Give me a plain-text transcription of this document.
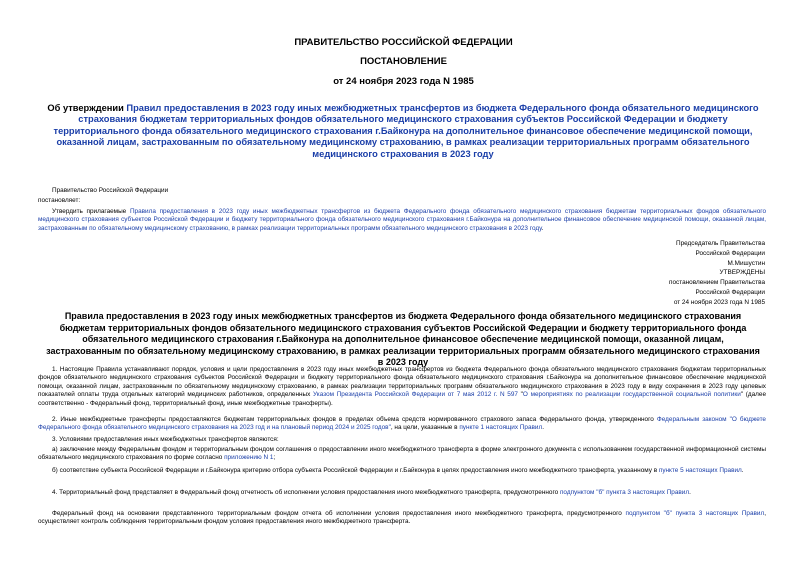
ПРАВИТЕЛЬСТВО РОССИЙСКОЙ ФЕДЕРАЦИИ
ПОСТАНОВЛЕНИЕ
от 24 ноября 2023 года N 1985
Об утверждении Правил предоставления в 2023 году иных межбюджетных трансфертов из бюджета Федерального фонда обязательного медицинского страхования бюджетам территориальных фондов обязательного медицинского страхования субъектов Российской Федерации и бюджету территориального фонда обязательного медицинского страхования г.Байконура на дополнительное финансовое обеспечение медицинской помощи, оказанной лицам, застрахованным по обязательному медицинскому страхованию, в рамках реализации территориальных программ обязательного медицинского страхования в 2023 году
Правительство Российской Федерации
постановляет:
Утвердить прилагаемые Правила предоставления в 2023 году иных межбюджетных трансфертов из бюджета Федерального фонда обязательного медицинского страхования бюджетам территориальных фондов обязательного медицинского страхования субъектов Российской Федерации и бюджету территориального фонда обязательного медицинского страхования г.Байконура на дополнительное финансовое обеспечение медицинской помощи, оказанной лицам, застрахованным по обязательному медицинскому страхованию, в рамках реализации территориальных программ обязательного медицинского страхования в 2023 году.
Председатель Правительства
Российской Федерации
М.Мишустин
УТВЕРЖДЕНЫ
постановлением Правительства
Российской Федерации
от 24 ноября 2023 года N 1985
Правила предоставления в 2023 году иных межбюджетных трансфертов из бюджета Федерального фонда обязательного медицинского страхования бюджетам территориальных фондов обязательного медицинского страхования субъектов Российской Федерации и бюджету территориального фонда обязательного медицинского страхования г.Байконура на дополнительное финансовое обеспечение медицинской помощи, оказанной лицам, застрахованным по обязательному медицинскому страхованию, в рамках реализации территориальных программ обязательного медицинского страхования в 2023 году
1. Настоящие Правила устанавливают порядок, условия и цели предоставления в 2023 году иных межбюджетных трансфертов из бюджета Федерального фонда обязательного медицинского страхования бюджетам территориальных фондов обязательного медицинского страхования субъектов Российской Федерации и бюджету территориального фонда обязательного медицинского страхования г.Байконура на дополнительное финансовое обеспечение медицинской помощи, оказанной лицам, застрахованным по обязательному медицинскому страхованию, в рамках реализации территориальных программ обязательного медицинского страхования в 2023 году в виду сохранения в 2023 году целевых показателей оплаты труда отдельных категорий медицинских работников, определенных Указом Президента Российской Федерации от 7 мая 2012 г. N 597 "О мероприятиях по реализации государственной социальной политики" (далее соответственно - Федеральный фонд, территориальный фонд, иные межбюджетные трансферты).
2. Иные межбюджетные трансферты предоставляются бюджетам территориальных фондов в пределах объема средств нормированного страхового запаса Федерального фонда, утвержденного Федеральным законом "О бюджете Федерального фонда обязательного медицинского страхования на 2023 год и на плановый период 2024 и 2025 годов", на цели, указанные в пункте 1 настоящих Правил.
3. Условиями предоставления иных межбюджетных трансфертов являются:
а) заключение между Федеральным фондом и территориальным фондом соглашения о предоставлении иного межбюджетного трансферта в форме электронного документа с использованием государственной информационной системы обязательного медицинского страхования по форме согласно приложению N 1;
б) соответствие субъекта Российской Федерации и г.Байконура критерию отбора субъекта Российской Федерации и г.Байконура в целях предоставления иного межбюджетного трансферта, указанному в пункте 5 настоящих Правил.
4. Территориальный фонд представляет в Федеральный фонд отчетность об исполнении условия предоставления иного межбюджетного трансферта, предусмотренного подпунктом "б" пункта 3 настоящих Правил.
Федеральный фонд на основании представленного территориальным фондом отчета об исполнении условия предоставления иного межбюджетного трансферта, предусмотренного подпунктом "б" пункта 3 настоящих Правил, осуществляет контроль соблюдения территориальным фондом условия предоставления иного межбюджетного трансферта.
